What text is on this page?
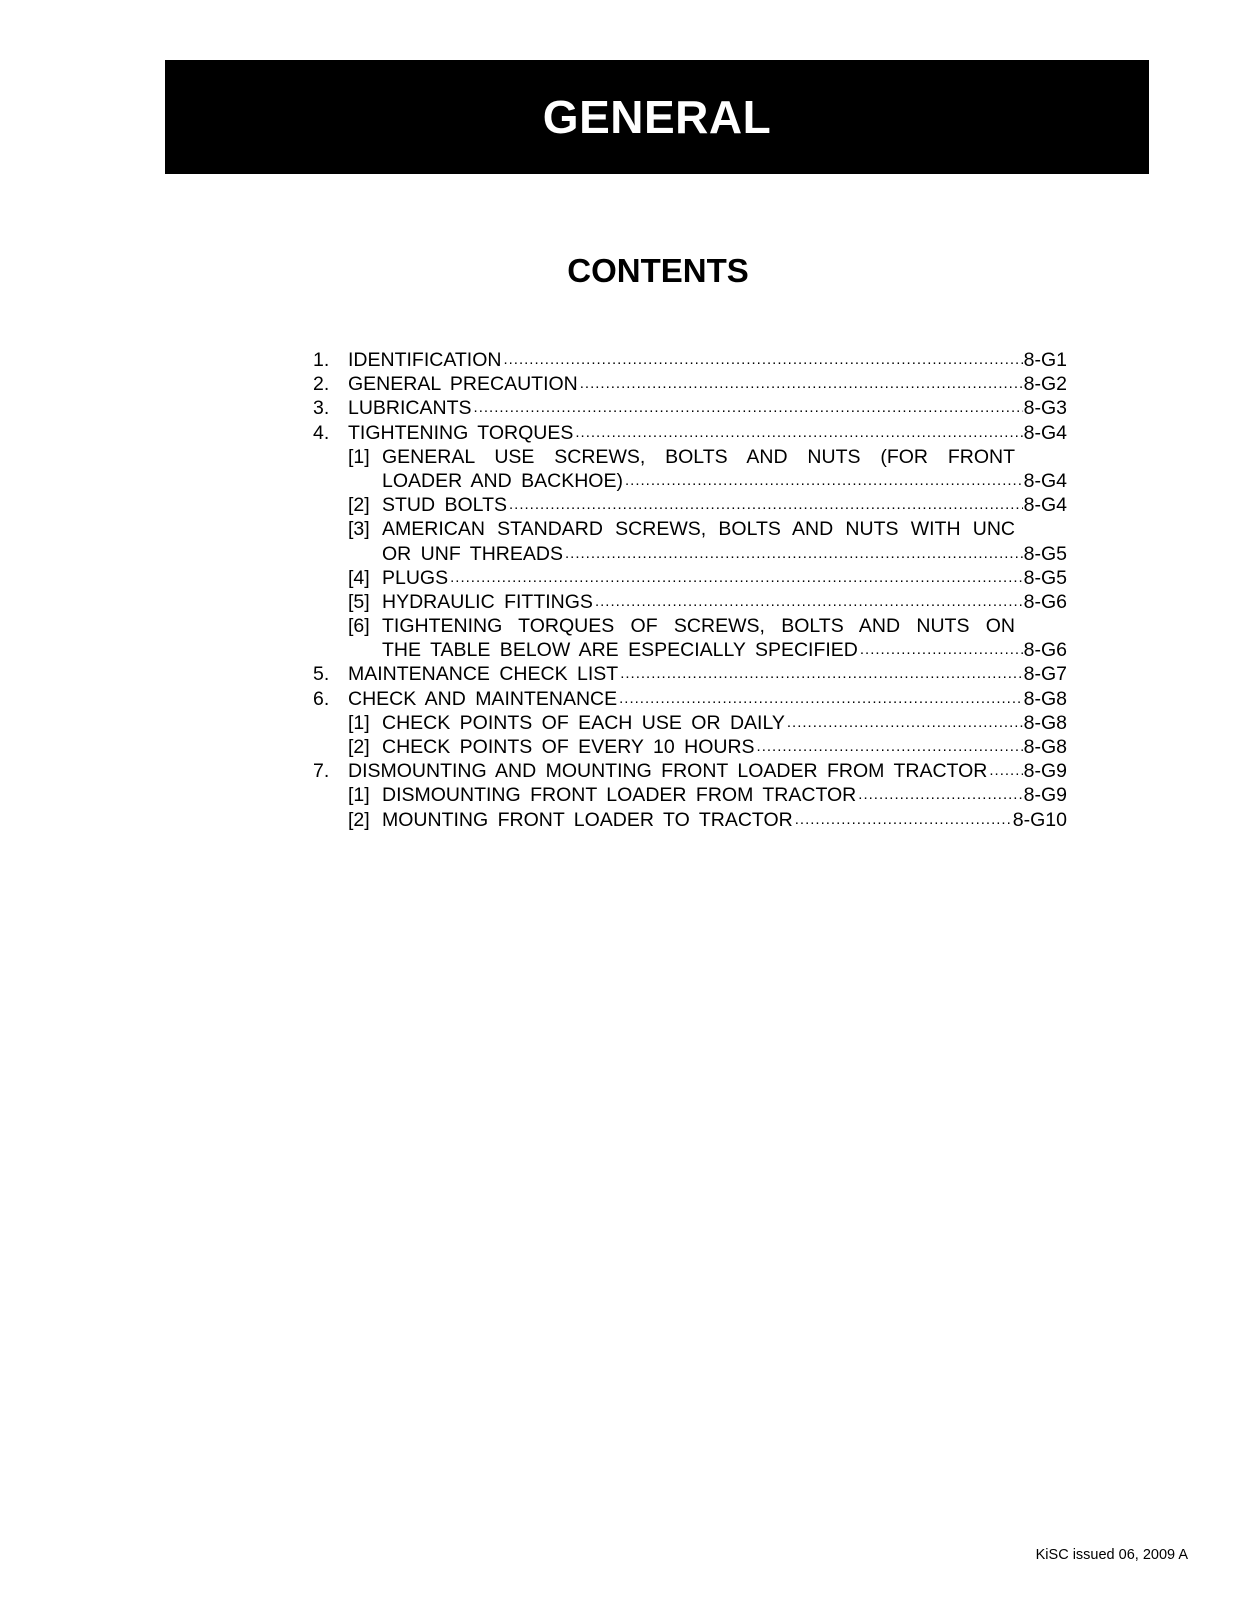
GENERAL
CONTENTS
1. IDENTIFICATION .....	8-G1
2. GENERAL PRECAUTION .....	8-G2
3. LUBRICANTS .....	8-G3
4. TIGHTENING TORQUES .....	8-G4
[1] GENERAL USE SCREWS, BOLTS AND NUTS (FOR FRONT
LOADER AND BACKHOE) .....	8-G4
[2] STUD BOLTS .....	8-G4
[3] AMERICAN STANDARD SCREWS, BOLTS AND NUTS WITH UNC
OR UNF THREADS .....	8-G5
[4] PLUGS .....	8-G5
[5] HYDRAULIC FITTINGS .....	8-G6
[6] TIGHTENING TORQUES OF SCREWS, BOLTS AND NUTS ON
THE TABLE BELOW ARE ESPECIALLY SPECIFIED .....	8-G6
5. MAINTENANCE CHECK LIST .....	8-G7
6. CHECK AND MAINTENANCE .....	8-G8
[1] CHECK POINTS OF EACH USE OR DAILY .....	8-G8
[2] CHECK POINTS OF EVERY 10 HOURS .....	8-G8
7. DISMOUNTING AND MOUNTING FRONT LOADER FROM TRACTOR ..... 8-G9
[1] DISMOUNTING FRONT LOADER FROM TRACTOR .....	8-G9
[2] MOUNTING FRONT LOADER TO TRACTOR .....	8-G10
KiSC issued 06, 2009 A
